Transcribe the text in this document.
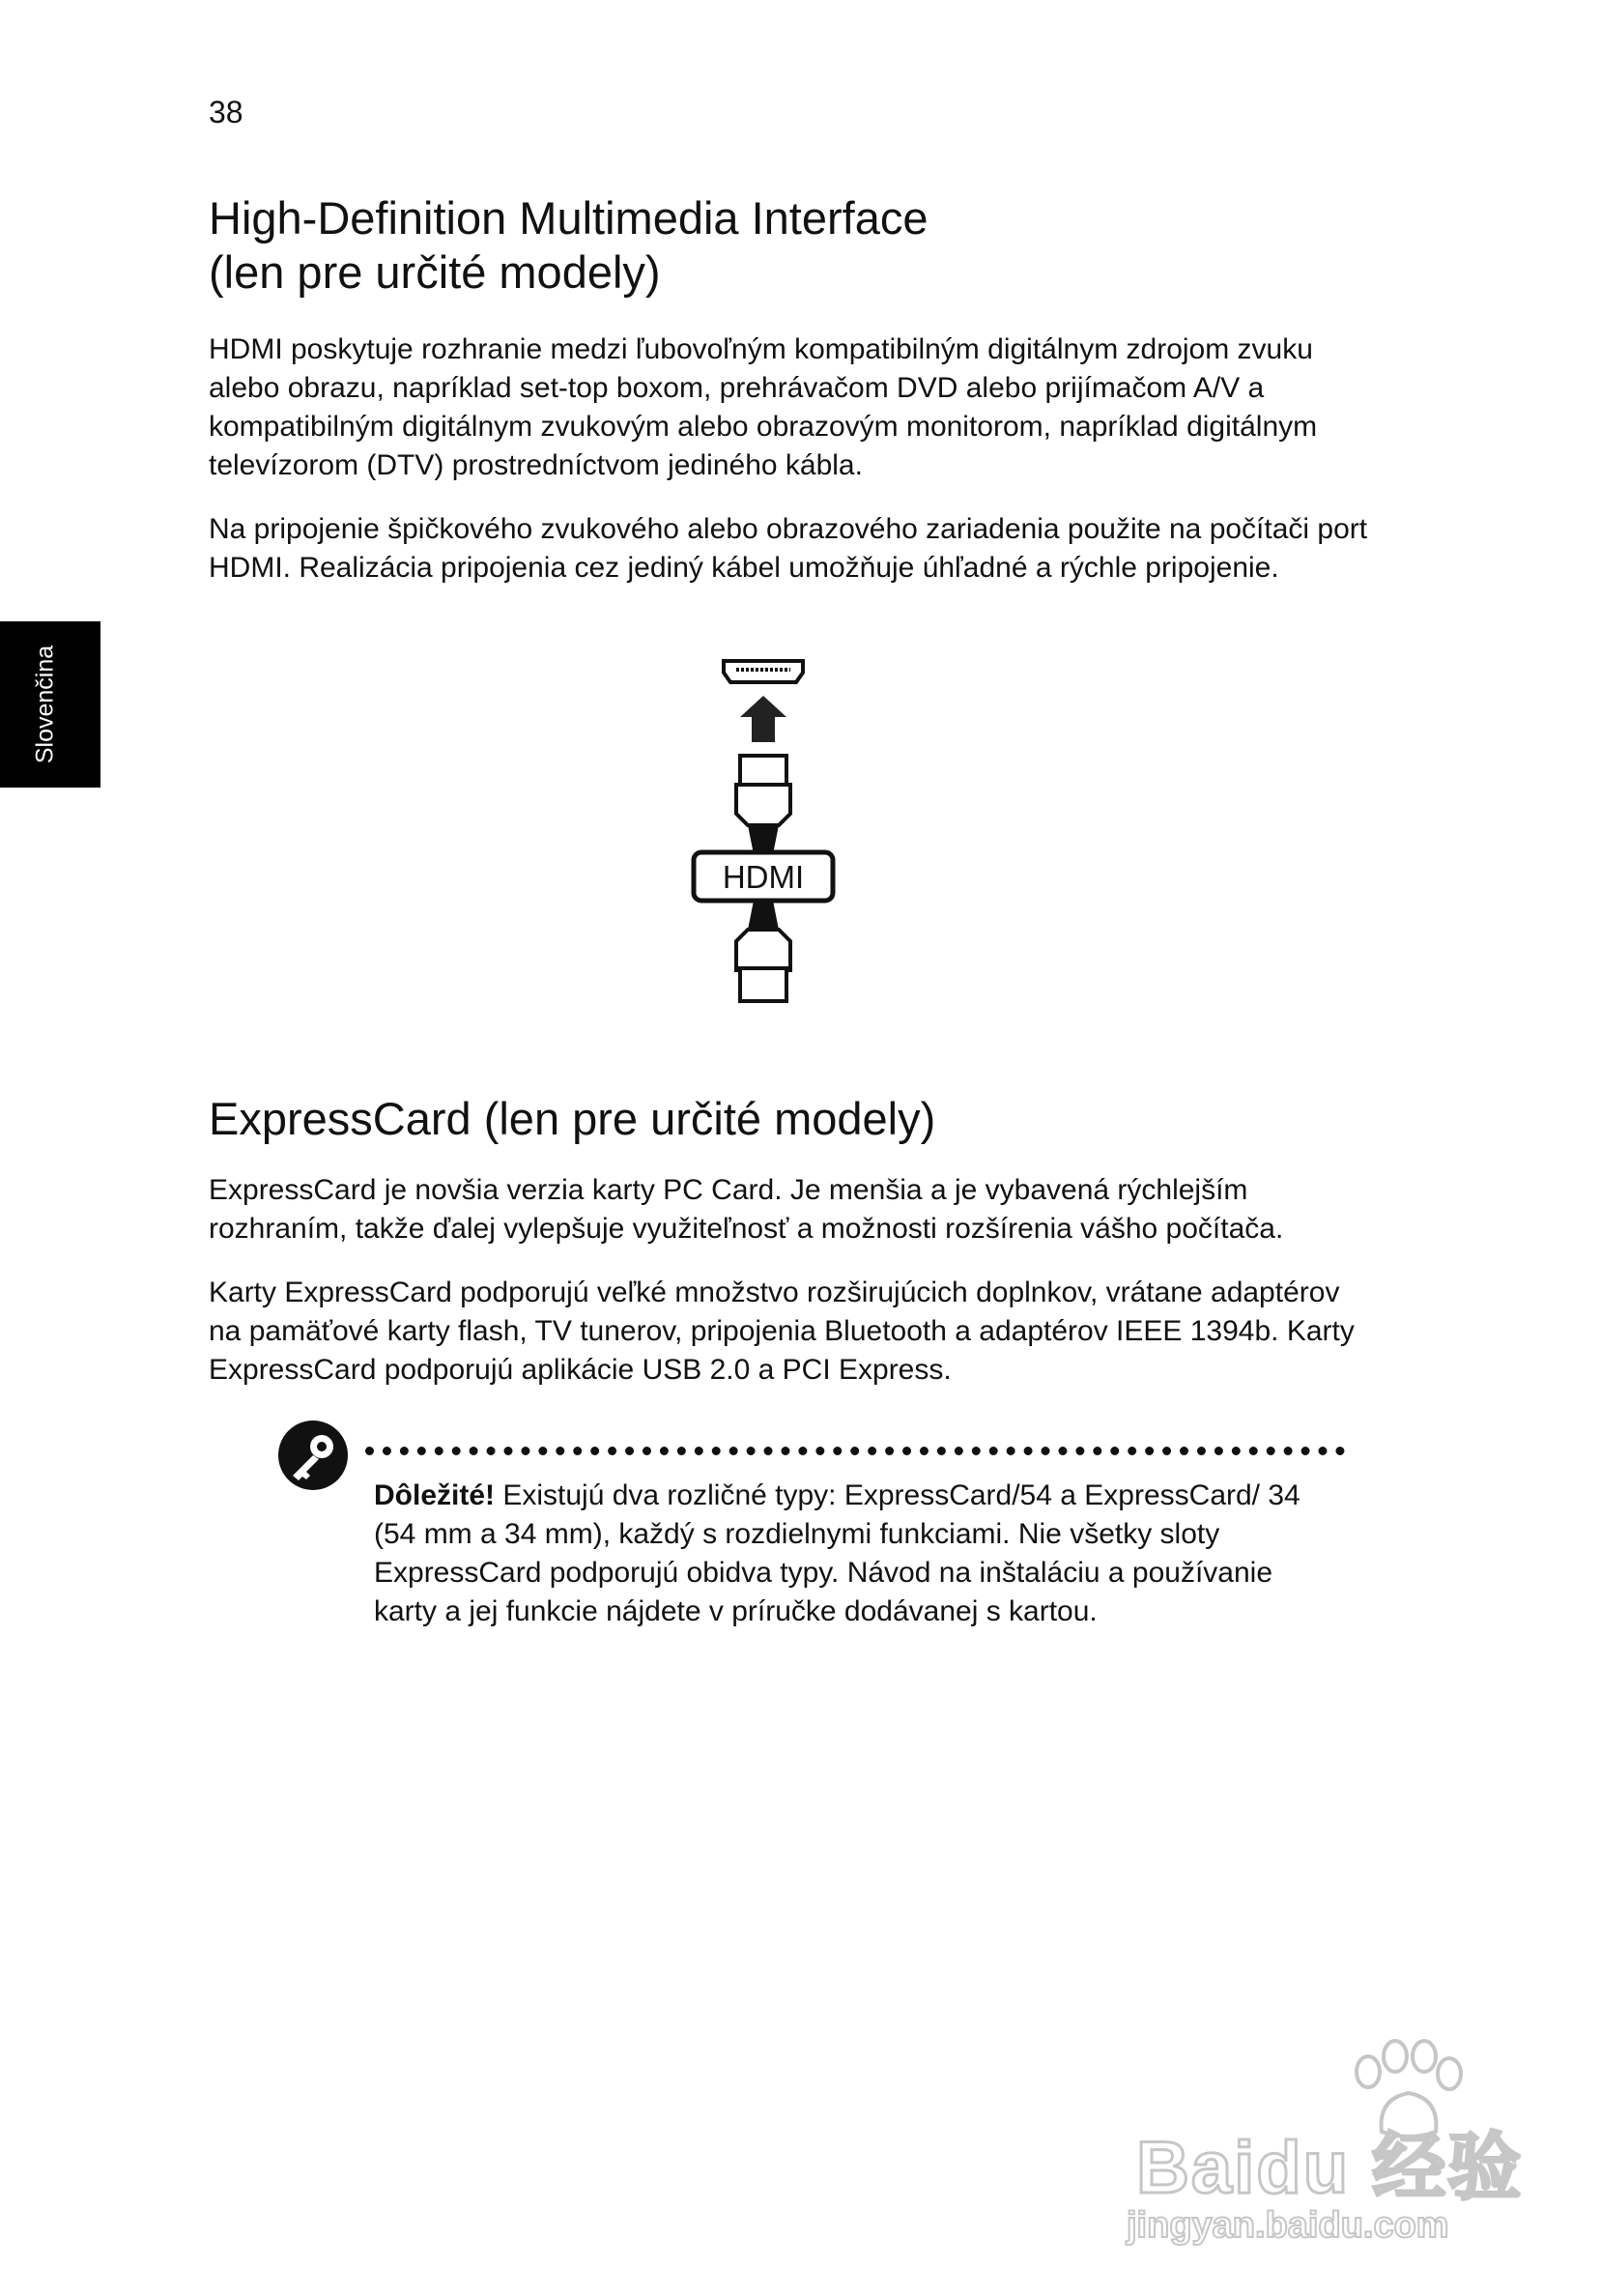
38
Slovenčina
High-Definition Multimedia Interface
(len pre určité modely)

HDMI poskytuje rozhranie medzi ľubovoľným kompatibilným digitálnym zdrojom zvuku alebo obrazu, napríklad set-top boxom, prehrávačom DVD alebo prijímačom A/V a kompatibilným digitálnym zvukovým alebo obrazovým monitorom, napríklad digitálnym televízorom (DTV) prostredníctvom jediného kábla.

Na pripojenie špičkového zvukového alebo obrazového zariadenia použite na počítači port HDMI. Realizácia pripojenia cez jediný kábel umožňuje úhľadné a rýchle pripojenie.

HDMI
ExpressCard (len pre určité modely)

ExpressCard je novšia verzia karty PC Card. Je menšia a je vybavená rýchlejším rozhraním, takže ďalej vylepšuje využiteľnosť a možnosti rozšírenia vášho počítača.

Karty ExpressCard podporujú veľké množstvo rozširujúcich doplnkov, vrátane adaptérov na pamäťové karty flash, TV tunerov, pripojenia Bluetooth a adaptérov IEEE 1394b. Karty ExpressCard podporujú aplikácie USB 2.0 a PCI Express.

Dôležité! Existujú dva rozličné typy: ExpressCard/54 a ExpressCard/ 34 (54 mm a 34 mm), každý s rozdielnymi funkciami. Nie všetky sloty ExpressCard podporujú obidva typy. Návod na inštaláciu a používanie karty a jej funkcie nájdete v príručke dodávanej s kartou.

Baidu 经验
jingyan.baidu.com
